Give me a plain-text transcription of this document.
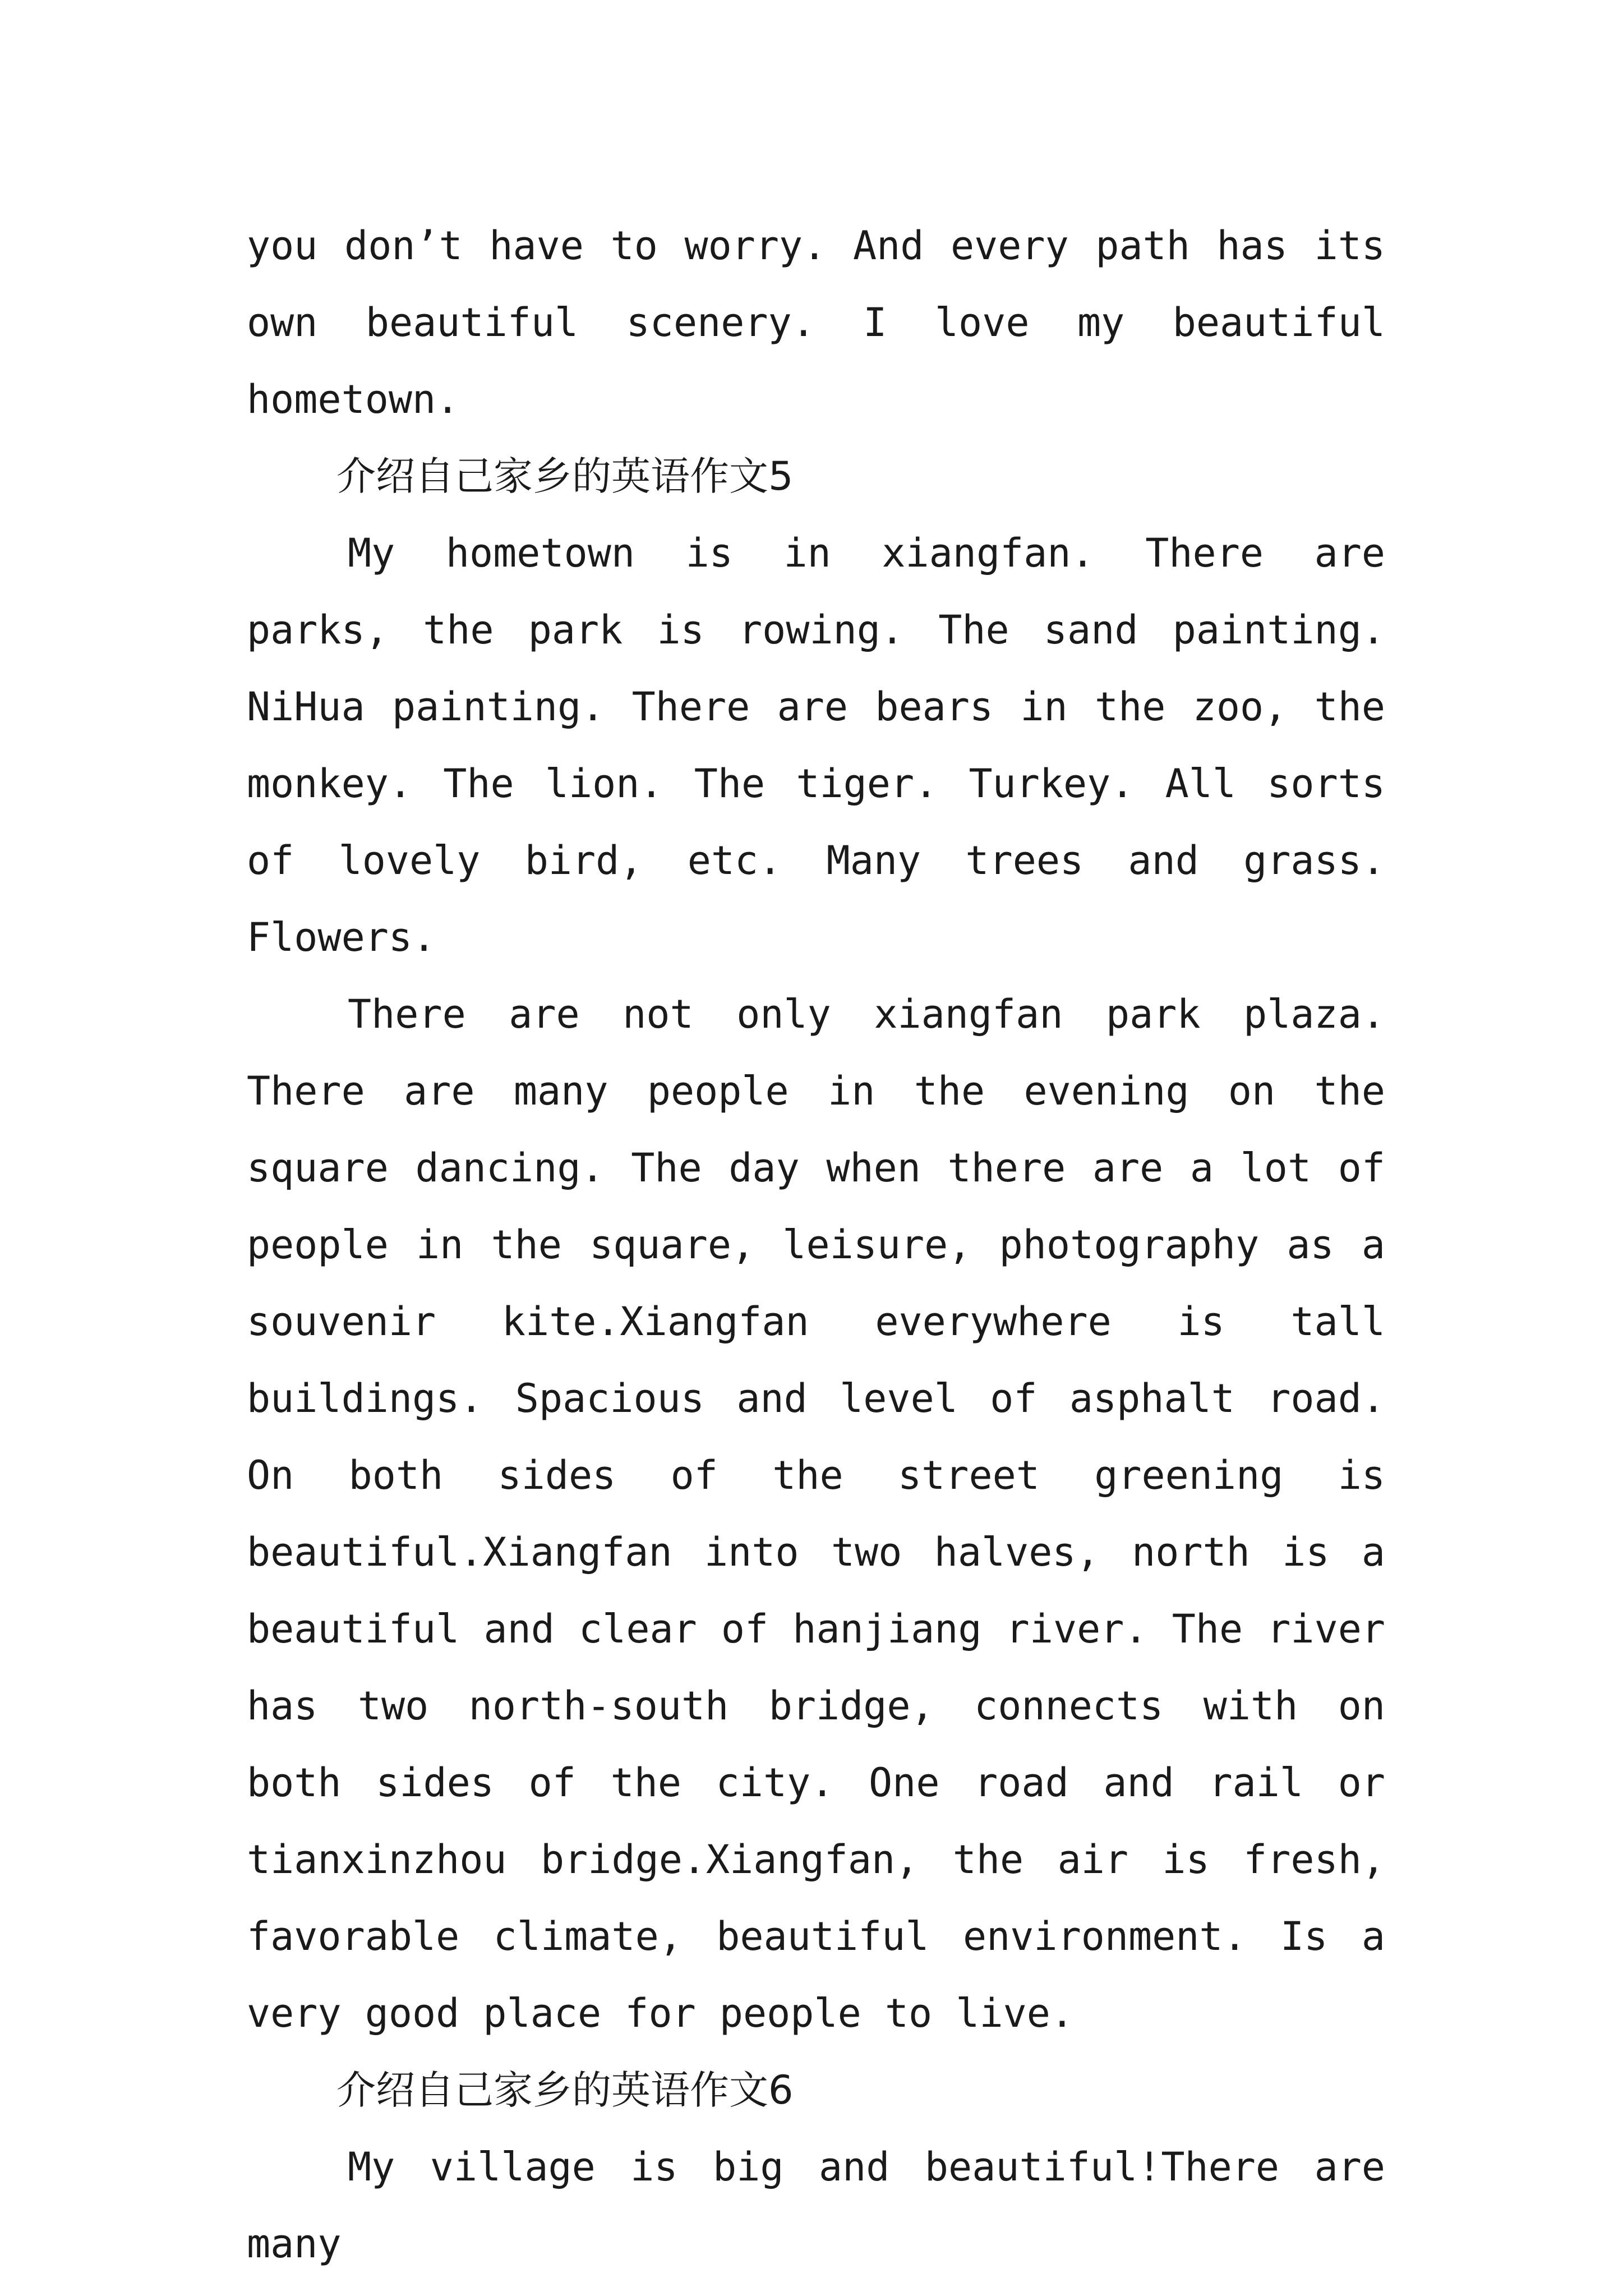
you don’t have to worry. And every path has its own beautiful scenery. I love my beautiful hometown.

介绍自己家乡的英语作文5

My hometown is in xiangfan. There are parks, the park is rowing. The sand painting. NiHua painting. There are bears in the zoo, the monkey. The lion. The tiger. Turkey. All sorts of lovely bird, etc. Many trees and grass. Flowers.

There are not only xiangfan park plaza. There are many people in the evening on the square dancing. The day when there are a lot of people in the square, leisure, photography as a souvenir kite.Xiangfan everywhere is tall buildings. Spacious and level of asphalt road. On both sides of the street greening is beautiful.Xiangfan into two halves, north is a beautiful and clear of hanjiang river. The river has two north-south bridge, connects with on both sides of the city. One road and rail or tianxinzhou bridge.Xiangfan, the air is fresh, favorable climate, beautiful environment. Is a very good place for people to live.

介绍自己家乡的英语作文6

My village is big and beautiful!There are many
